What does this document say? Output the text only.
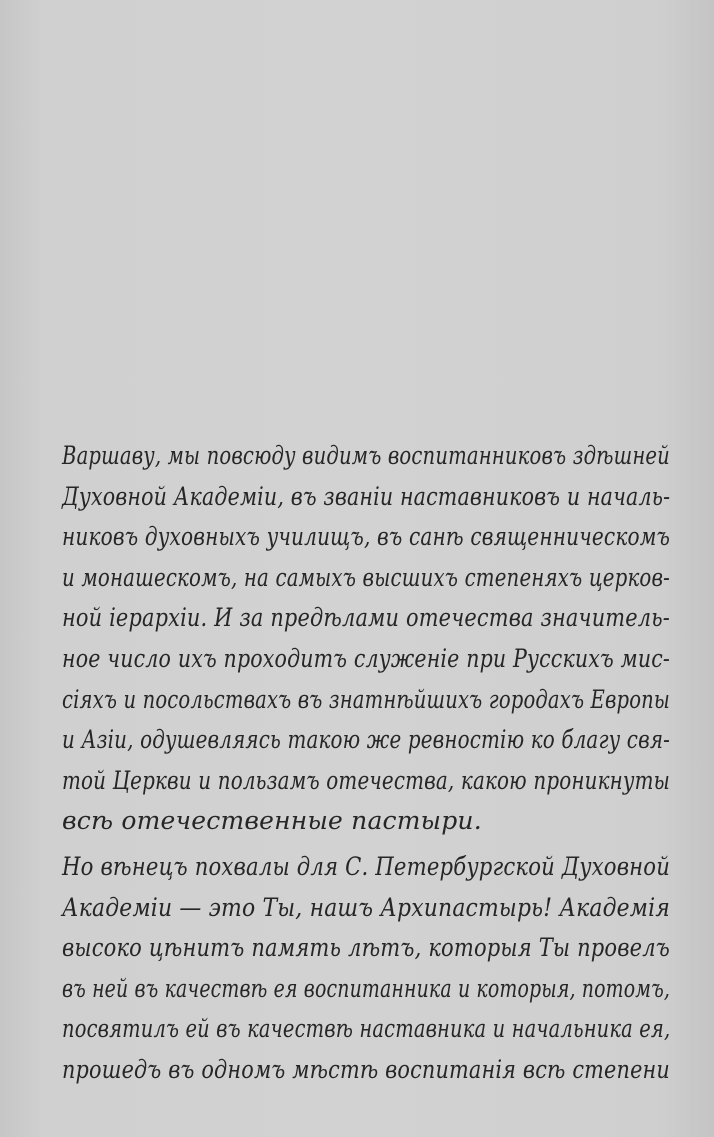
Варшаву, мы повсюду видимъ воспитанниковъ здѣшней
Духовной Академіи, въ званіи наставниковъ и началь-
никовъ духовныхъ училищъ, въ санѣ священническомъ
и монашескомъ, на самыхъ высшихъ степеняхъ церков-
ной іерархіи. И за предѣлами отечества значитель-
ное число ихъ проходитъ служеніе при Русскихъ мис-
сіяхъ и посольствахъ въ знатнѣйшихъ городахъ Европы
и Азіи, одушевляясь такою же ревностію ко благу свя-
той Церкви и пользамъ отечества, какою проникнуты
всѣ отечественные пастыри.
Но вѣнецъ похвалы для С. Петербургской Духовной
Академіи — это Ты, нашъ Архипастырь! Академія
высоко цѣнитъ память лѣтъ, которыя Ты провелъ
въ ней въ качествѣ ея воспитанника и которыя, потомъ,
посвятилъ ей въ качествѣ наставника и начальника ея,
прошедъ въ одномъ мѣстѣ воспитанія всѣ степени
